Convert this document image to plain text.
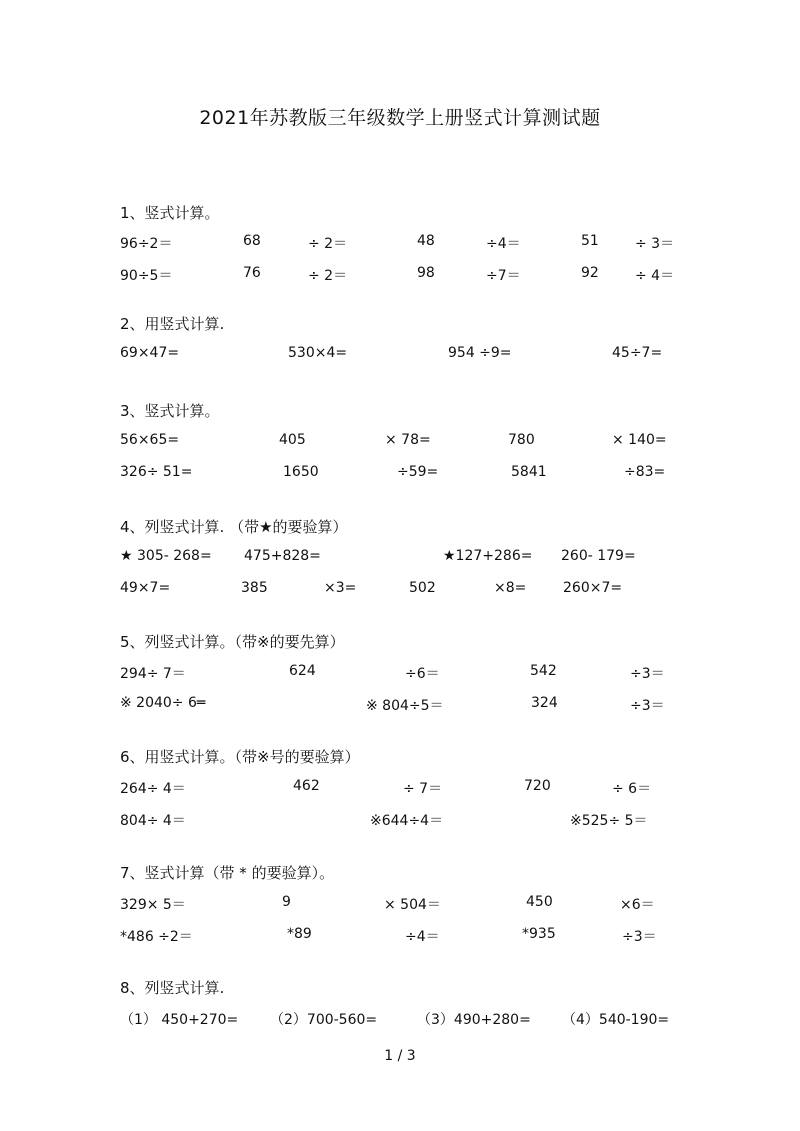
2021年苏教版三年级数学上册竖式计算测试题
1、竖式计算。
96÷2＝	68	÷ 2＝	48	÷4＝	51	÷ 3＝
90÷5＝	76	÷ 2＝	98	÷7＝	92	÷ 4＝
2、用竖式计算.
69×47=	530×4=	954 ÷9=	45÷7=
3、竖式计算。
56×65=	405	× 78=	780	× 140=
326÷ 51=	1650	÷59=	5841	÷83=
4、列竖式计算. （带★的要验算）
★ 305- 268= 475+828=	★127+286= 260- 179=
49×7=	385	×3=	502	×8=	260×7=
5、列竖式计算。（带※的要先算）
294÷ 7＝	624	÷6＝	542	÷3＝
※ 2040÷ 6═	※ 804÷5＝	324	÷3＝
6、用竖式计算。（带※号的要验算）
264÷ 4＝	462	÷ 7＝	720	÷ 6＝
804÷ 4＝	※644÷4＝	※525÷ 5＝
7、竖式计算（带 * 的要验算）。
329× 5＝	9	× 504＝	450	×6＝
*486 ÷2＝	*89	÷4＝	*935	÷3＝
8、列竖式计算.
（1） 450+270= （2）700-560=	（3）490+280= （4）540-190=
1 / 3
